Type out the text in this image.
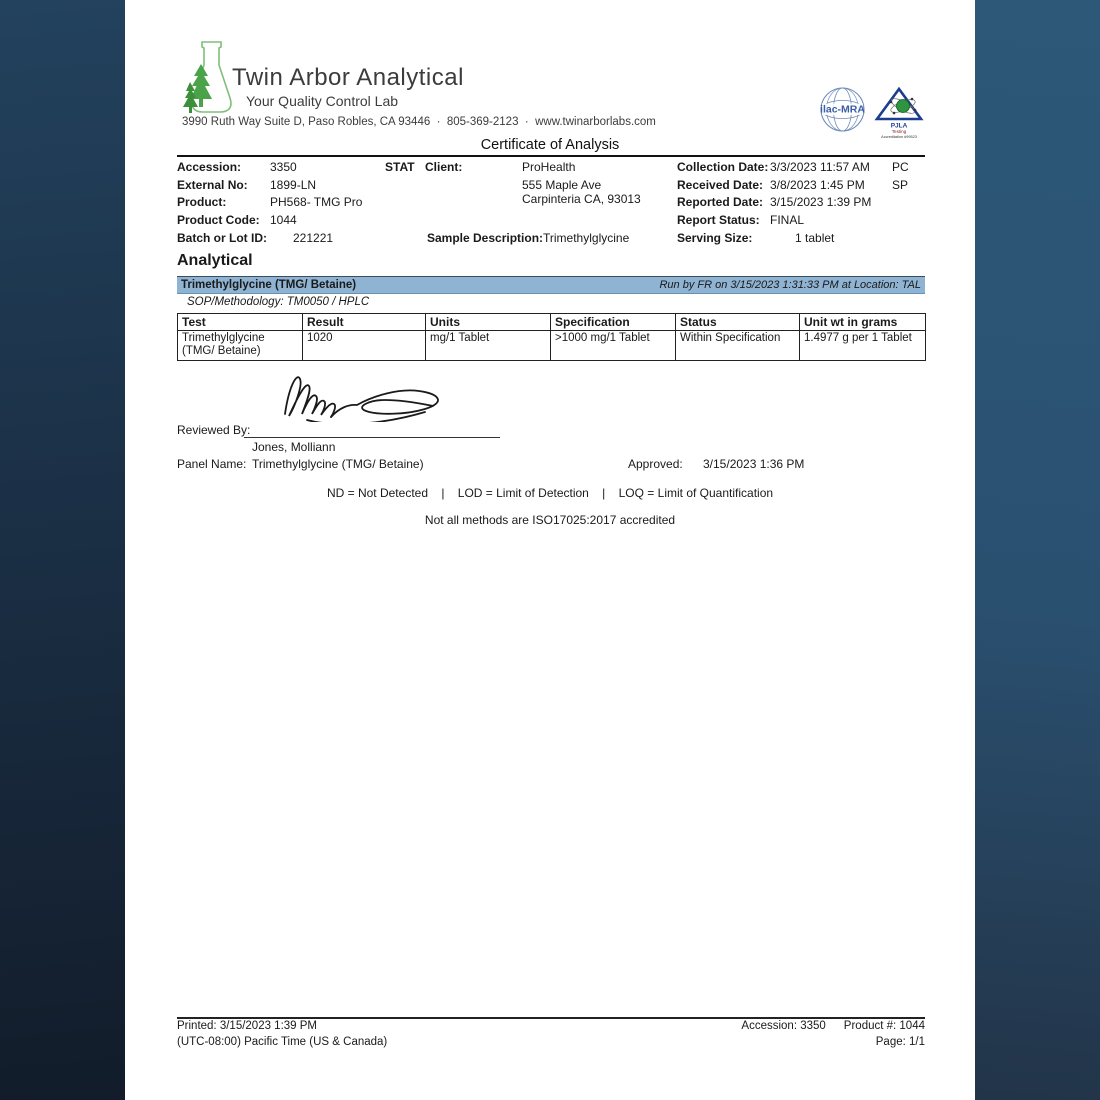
Twin Arbor Analytical
Your Quality Control Lab
3990 Ruth Way Suite D, Paso Robles, CA 93446  ·  805-369-2123  ·  www.twinarborlabs.com
ilac-MRA
PJLA
Testing
Accreditation #99523
Certificate of Analysis
Accession: 3350	STAT Client:	ProHealth	Collection Date: 3/3/2023 11:57 AM PC
External No: 1899-LN	555 Maple Ave	Received Date: 3/8/2023 1:45 PM SP
Product:	PH568- TMG Pro	Carpinteria CA, 93013	Reported Date: 3/15/2023 1:39 PM
Product Code: 1044	Report Status: FINAL
Batch or Lot ID: 221221	Sample Description: Trimethylglycine	Serving Size:	1 tablet
Analytical
Trimethylglycine (TMG/ Betaine)	Run by FR on 3/15/2023 1:31:33 PM at Location: TAL
SOP/Methodology: TM0050 / HPLC
Test	Result	Units	Specification	Status	Unit wt in grams
Trimethylglycine (TMG/ Betaine)	1020	mg/1 Tablet	>1000 mg/1 Tablet	Within Specification	1.4977 g per 1 Tablet
Reviewed By:
Jones, Molliann
Panel Name: Trimethylglycine (TMG/ Betaine)	Approved: 3/15/2023 1:36 PM
ND = Not Detected    |    LOD = Limit of Detection    |    LOQ = Limit of Quantification
Not all methods are ISO17025:2017 accredited
Printed: 3/15/2023 1:39 PM
(UTC-08:00) Pacific Time (US & Canada)
Accession: 3350 Product #: 1044
Page: 1/1
